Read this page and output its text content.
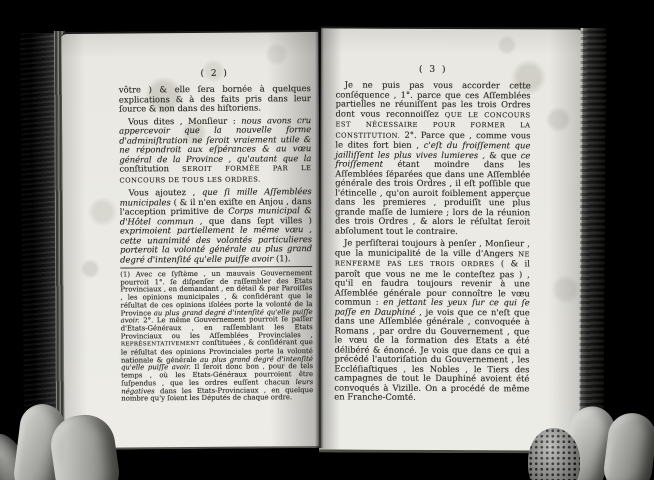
( 2 )

vôtre ) & elle ſera bornée à quelques explications & à des faits pris dans leur ſource & non dans des hiſtoriens.

Vous dites , Monſieur : nous avons cru appercevoir que la nouvelle forme d'adminiſtration ne ſeroit vraiement utile & ne répondroit aux eſpérances & au vœu général de la Province , qu'autant que la conſtitution SEROIT FORMÉE PAR LE CONCOURS DE TOUS LES ORDRES.

Vous ajoutez , que ſi mille Aſſemblées municipales ( & il n'en exiſte en Anjou , dans l'acception primitive de Corps municipal & d'Hôtel commun , que dans ſept villes ) exprimoient partiellement le même vœu , cette unanimité des volontés particulieres porteroit la volonté générale au plus grand degré d'intenſité qu'elle puiſſe avoir (1).

(1) Avec ce ſyſtème , un mauvais Gouvernement pourroit 1°. ſe diſpenſer de raſſembler des Etats Provinciaux , en demandant , en détail & par Paroiſſes , les opinions municipales , & conſidérant que le réſultat de ces opinions iſolées porte la volonté de la Province au plus grand degré d'intenſité qu'elle puiſſe avoir. 2°. Le même Gouvernement pourroit ſe paſſer d'Etats-Généraux , en raſſemblant les Etats Provinciaux ou les Aſſemblées Provinciales , REPRÉSENTATIVEMENT conſtituées , & conſidérant que le réſultat des opinions Provinciales porte la volonté nationale & générale au plus grand degré d'intenſité qu'elle puiſſe avoir. Il ſeroit donc bon , pour de tels temps , où les Etats-Généraux pourroient être ſuſpendus , que les ordres euſſent chacun leurs négatives dans les Etats-Provinciaux , en quelque nombre qu'y ſoient les Députés de chaque ordre.

( 3 )

Je ne puis pas vous accorder cette conſéquence , 1°. parce que ces Aſſemblées partielles ne réuniſſent pas les trois Ordres dont vous reconnoiſſez QUE LE CONCOURS EST NÉCESSAIRE POUR FORMER LA CONSTITUTION. 2°. Parce que , comme vous le dites fort bien , c'eſt du froiſſement que jailliſſent les plus vives lumieres , & que ce froiſſement étant moindre dans les Aſſemblées ſéparées que dans une Aſſemblée générale des trois Ordres , il eſt poſſible que l'étincelle , qu'on auroit foiblement apperçue dans les premieres , produiſît une plus grande maſſe de lumiere ; lors de la réunion des trois Ordres , & alors le réſultat ſeroit abſolument tout le contraire.

Je perſiſterai toujours à penſer , Monſieur , que la municipalité de la ville d'Angers NE RENFERME PAS LES TROIS ORDRES ( & il paroît que vous ne me le conteſtez pas ) , qu'il en faudra toujours revenir à une Aſſemblée générale pour connoître le vœu commun : en jettant les yeux ſur ce qui ſe paſſe en Dauphiné , je vois que ce n'eſt que dans une Aſſemblée générale , convoquée à Romans , par ordre du Gouvernement , que le vœu de la formation des Etats a été délibéré & énoncé. Je vois que dans ce qui a précédé l'autoriſation du Gouvernement , les Eccléſiaſtiques , les Nobles , le Tiers des campagnes de tout le Dauphiné avoient été convoqués à Vizille. On a procédé de même en Franche-Comté.
